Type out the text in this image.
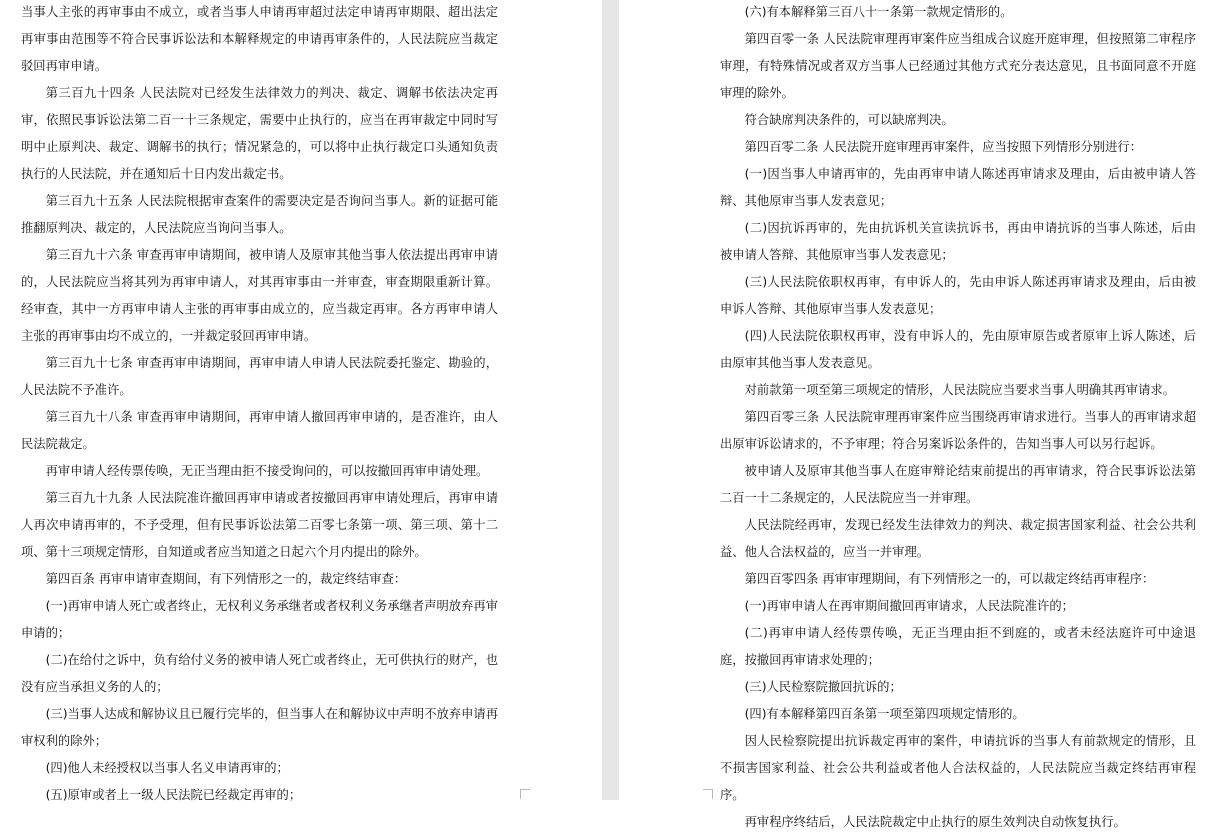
当事人主张的再审事由不成立，或者当事人申请再审超过法定申请再审期限、超出法定再审事由范围等不符合民事诉讼法和本解释规定的申请再审条件的，人民法院应当裁定驳回再审申请。

第三百九十四条 人民法院对已经发生法律效力的判决、裁定、调解书依法决定再审，依照民事诉讼法第二百一十三条规定，需要中止执行的，应当在再审裁定中同时写明中止原判决、裁定、调解书的执行；情况紧急的，可以将中止执行裁定口头通知负责执行的人民法院，并在通知后十日内发出裁定书。

第三百九十五条 人民法院根据审查案件的需要决定是否询问当事人。新的证据可能推翻原判决、裁定的，人民法院应当询问当事人。

第三百九十六条 审查再审申请期间，被申请人及原审其他当事人依法提出再审申请的，人民法院应当将其列为再审申请人，对其再审事由一并审查，审查期限重新计算。经审查，其中一方再审申请人主张的再审事由成立的，应当裁定再审。各方再审申请人主张的再审事由均不成立的，一并裁定驳回再审申请。

第三百九十七条 审查再审申请期间，再审申请人申请人民法院委托鉴定、勘验的，人民法院不予准许。

第三百九十八条 审查再审申请期间，再审申请人撤回再审申请的，是否准许，由人民法院裁定。

再审申请人经传票传唤，无正当理由拒不接受询问的，可以按撤回再审申请处理。

第三百九十九条 人民法院准许撤回再审申请或者按撤回再审申请处理后，再审申请人再次申请再审的，不予受理，但有民事诉讼法第二百零七条第一项、第三项、第十二项、第十三项规定情形，自知道或者应当知道之日起六个月内提出的除外。

第四百条 再审申请审查期间，有下列情形之一的，裁定终结审查：

(一)再审申请人死亡或者终止，无权利义务承继者或者权利义务承继者声明放弃再审申请的；

(二)在给付之诉中，负有给付义务的被申请人死亡或者终止，无可供执行的财产，也没有应当承担义务的人的；

(三)当事人达成和解协议且已履行完毕的，但当事人在和解协议中声明不放弃申请再审权利的除外；

(四)他人未经授权以当事人名义申请再审的；

(五)原审或者上一级人民法院已经裁定再审的；

(六)有本解释第三百八十一条第一款规定情形的。

第四百零一条 人民法院审理再审案件应当组成合议庭开庭审理，但按照第二审程序审理，有特殊情况或者双方当事人已经通过其他方式充分表达意见，且书面同意不开庭审理的除外。

符合缺席判决条件的，可以缺席判决。

第四百零二条 人民法院开庭审理再审案件，应当按照下列情形分别进行：

(一)因当事人申请再审的，先由再审申请人陈述再审请求及理由，后由被申请人答辩、其他原审当事人发表意见；

(二)因抗诉再审的，先由抗诉机关宣读抗诉书，再由申请抗诉的当事人陈述，后由被申请人答辩、其他原审当事人发表意见；

(三)人民法院依职权再审，有申诉人的，先由申诉人陈述再审请求及理由，后由被申诉人答辩、其他原审当事人发表意见；

(四)人民法院依职权再审，没有申诉人的，先由原审原告或者原审上诉人陈述，后由原审其他当事人发表意见。

对前款第一项至第三项规定的情形，人民法院应当要求当事人明确其再审请求。

第四百零三条 人民法院审理再审案件应当围绕再审请求进行。当事人的再审请求超出原审诉讼请求的，不予审理；符合另案诉讼条件的，告知当事人可以另行起诉。

被申请人及原审其他当事人在庭审辩论结束前提出的再审请求，符合民事诉讼法第二百一十二条规定的，人民法院应当一并审理。

人民法院经再审，发现已经发生法律效力的判决、裁定损害国家利益、社会公共利益、他人合法权益的，应当一并审理。

第四百零四条 再审审理期间，有下列情形之一的，可以裁定终结再审程序：

(一)再审申请人在再审期间撤回再审请求，人民法院准许的；

(二)再审申请人经传票传唤，无正当理由拒不到庭的，或者未经法庭许可中途退庭，按撤回再审请求处理的；

(三)人民检察院撤回抗诉的；

(四)有本解释第四百条第一项至第四项规定情形的。

因人民检察院提出抗诉裁定再审的案件，申请抗诉的当事人有前款规定的情形，且不损害国家利益、社会公共利益或者他人合法权益的，人民法院应当裁定终结再审程序。

再审程序终结后，人民法院裁定中止执行的原生效判决自动恢复执行。
